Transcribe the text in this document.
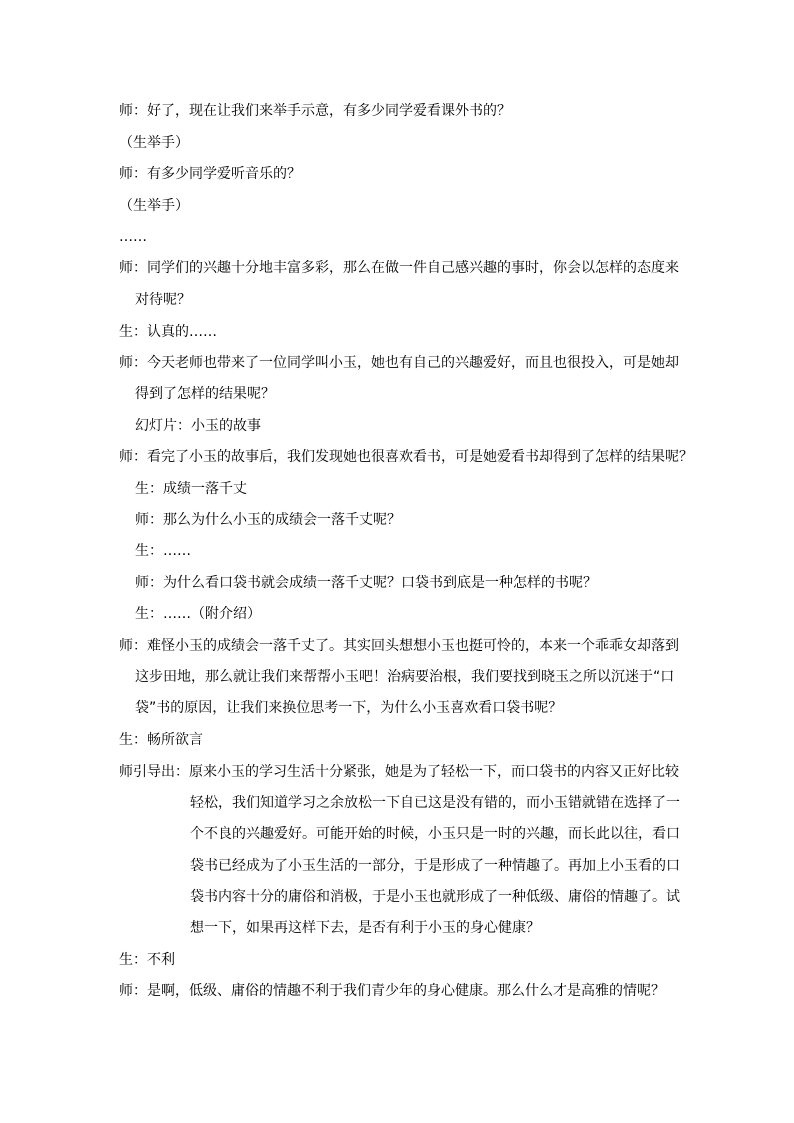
师：好了，现在让我们来举手示意，有多少同学爱看课外书的？
（生举手）
师：有多少同学爱听音乐的？
（生举手）
……
师：同学们的兴趣十分地丰富多彩，那么在做一件自己感兴趣的事时，你会以怎样的态度来
对待呢？
生：认真的……
师：今天老师也带来了一位同学叫小玉，她也有自己的兴趣爱好，而且也很投入，可是她却
得到了怎样的结果呢？
幻灯片：小玉的故事
师：看完了小玉的故事后，我们发现她也很喜欢看书，可是她爱看书却得到了怎样的结果呢？
生：成绩一落千丈
师：那么为什么小玉的成绩会一落千丈呢？
生：……
师：为什么看口袋书就会成绩一落千丈呢？口袋书到底是一种怎样的书呢？
生：……（附介绍）
师：难怪小玉的成绩会一落千丈了。其实回头想想小玉也挺可怜的，本来一个乖乖女却落到
这步田地，那么就让我们来帮帮小玉吧！治病要治根，我们要找到晓玉之所以沉迷于“口
袋”书的原因，让我们来换位思考一下，为什么小玉喜欢看口袋书呢？
生：畅所欲言
师引导出：原来小玉的学习生活十分紧张，她是为了轻松一下，而口袋书的内容又正好比较
轻松，我们知道学习之余放松一下自已这是没有错的，而小玉错就错在选择了一
个不良的兴趣爱好。可能开始的时候，小玉只是一时的兴趣，而长此以往，看口
袋书已经成为了小玉生活的一部分，于是形成了一种情趣了。再加上小玉看的口
袋书内容十分的庸俗和消极，于是小玉也就形成了一种低级、庸俗的情趣了。试
想一下，如果再这样下去，是否有利于小玉的身心健康？
生：不利
师：是啊，低级、庸俗的情趣不利于我们青少年的身心健康。那么什么才是高雅的情呢？
